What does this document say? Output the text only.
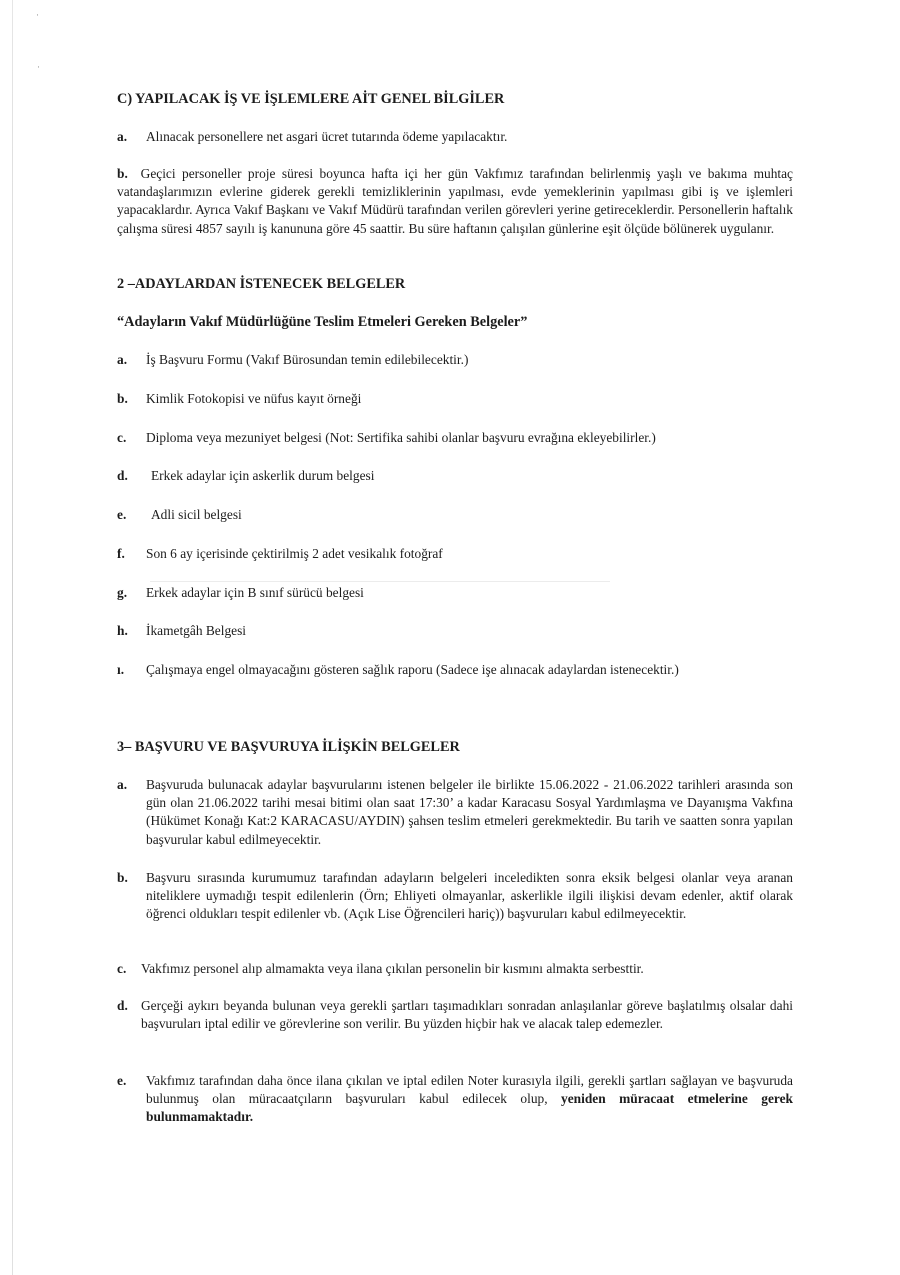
·
·
C) YAPILACAK İŞ VE İŞLEMLERE AİT GENEL BİLGİLER
a. Alınacak personellere net asgari ücret tutarında ödeme yapılacaktır.
b. Geçici personeller proje süresi boyunca hafta içi her gün Vakfımız tarafından belirlenmiş yaşlı ve bakıma muhtaç vatandaşlarımızın evlerine giderek gerekli temizliklerinin yapılması, evde yemeklerinin yapılması gibi iş ve işlemleri yapacaklardır. Ayrıca Vakıf Başkanı ve Vakıf Müdürü tarafından verilen görevleri yerine getireceklerdir. Personellerin haftalık çalışma süresi 4857 sayılı iş kanununa göre 45 saattir. Bu süre haftanın çalışılan günlerine eşit ölçüde bölünerek uygulanır.
2 –ADAYLARDAN İSTENECEK BELGELER
“Adayların Vakıf Müdürlüğüne Teslim Etmeleri Gereken Belgeler”
a. İş Başvuru Formu (Vakıf Bürosundan temin edilebilecektir.)
b. Kimlik Fotokopisi ve nüfus kayıt örneği
c. Diploma veya mezuniyet belgesi (Not: Sertifika sahibi olanlar başvuru evrağına ekleyebilirler.)
d. Erkek adaylar için askerlik durum belgesi
e. Adli sicil belgesi
f. Son 6 ay içerisinde çektirilmiş 2 adet vesikalık fotoğraf
g. Erkek adaylar için B sınıf sürücü belgesi
h. İkametgâh Belgesi
ı. Çalışmaya engel olmayacağını gösteren sağlık raporu (Sadece işe alınacak adaylardan istenecektir.)
3– BAŞVURU VE BAŞVURUYA İLİŞKİN BELGELER
a. Başvuruda bulunacak adaylar başvurularını istenen belgeler ile birlikte 15.06.2022 - 21.06.2022 tarihleri arasında son gün olan 21.06.2022 tarihi mesai bitimi olan saat 17:30’ a kadar Karacasu Sosyal Yardımlaşma ve Dayanışma Vakfına (Hükümet Konağı Kat:2 KARACASU/AYDIN) şahsen teslim etmeleri gerekmektedir. Bu tarih ve saatten sonra yapılan başvurular kabul edilmeyecektir.
b. Başvuru sırasında kurumumuz tarafından adayların belgeleri inceledikten sonra eksik belgesi olanlar veya aranan niteliklere uymadığı tespit edilenlerin (Örn; Ehliyeti olmayanlar, askerlikle ilgili ilişkisi devam edenler, aktif olarak öğrenci oldukları tespit edilenler vb. (Açık Lise Öğrencileri hariç)) başvuruları kabul edilmeyecektir.
c. Vakfımız personel alıp almamakta veya ilana çıkılan personelin bir kısmını almakta serbesttir.
d. Gerçeği aykırı beyanda bulunan veya gerekli şartları taşımadıkları sonradan anlaşılanlar göreve başlatılmış olsalar dahi başvuruları iptal edilir ve görevlerine son verilir. Bu yüzden hiçbir hak ve alacak talep edemezler.
e. Vakfımız tarafından daha önce ilana çıkılan ve iptal edilen Noter kurasıyla ilgili, gerekli şartları sağlayan ve başvuruda bulunmuş olan müracaatçıların başvuruları kabul edilecek olup, yeniden müracaat etmelerine gerek bulunmamaktadır.
